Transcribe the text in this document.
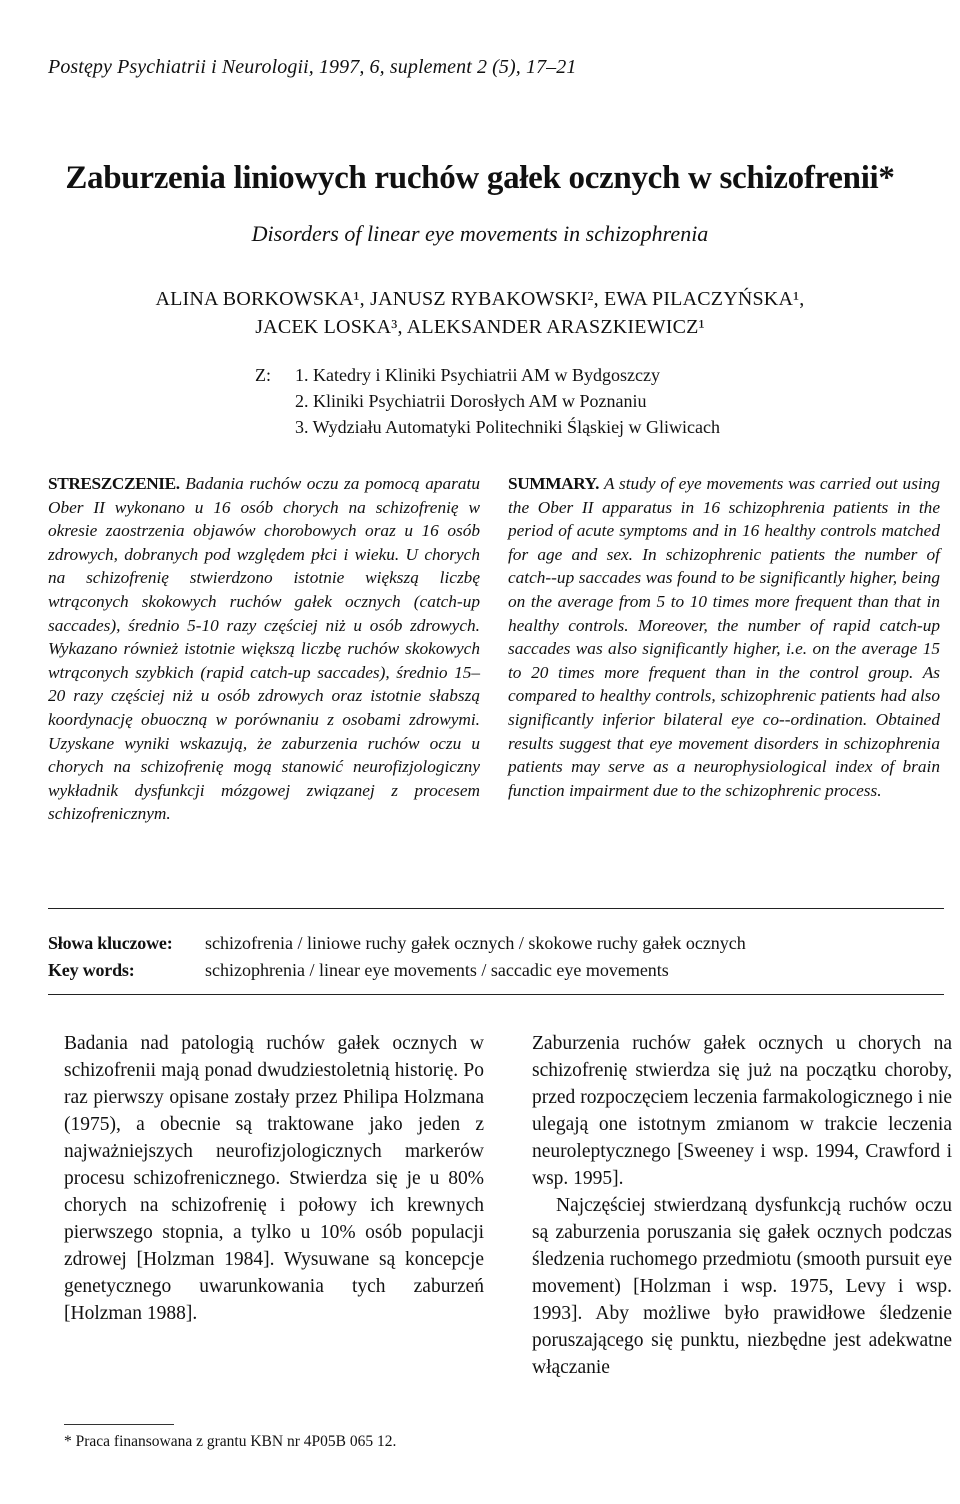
Postępy Psychiatrii i Neurologii, 1997, 6, suplement 2 (5), 17–21
Zaburzenia liniowych ruchów gałek ocznych w schizofrenii*
Disorders of linear eye movements in schizophrenia
ALINA BORKOWSKA¹, JANUSZ RYBAKOWSKI², EWA PILACZYŃSKA¹,
JACEK LOSKA³, ALEKSANDER ARASZKIEWICZ¹
Z:	1. Katedry i Kliniki Psychiatrii AM w Bydgoszczy
2. Kliniki Psychiatrii Dorosłych AM w Poznaniu
3. Wydziału Automatyki Politechniki Śląskiej w Gliwicach
STRESZCZENIE. Badania ruchów oczu za pomocą aparatu Ober II wykonano u 16 osób chorych na schizofrenię w okresie zaostrzenia objawów chorobowych oraz u 16 osób zdrowych, dobranych pod względem płci i wieku. U chorych na schizofrenię stwierdzono istotnie większą liczbę wtrąconych skokowych ruchów gałek ocznych (catch-up saccades), średnio 5-10 razy częściej niż u osób zdrowych. Wykazano również istotnie większą liczbę ruchów skokowych wtrąconych szybkich (rapid catch-up saccades), średnio 15–20 razy częściej niż u osób zdrowych oraz istotnie słabszą koordynację obuoczną w porównaniu z osobami zdrowymi. Uzyskane wyniki wskazują, że zaburzenia ruchów oczu u chorych na schizofrenię mogą stanowić neurofizjologiczny wykładnik dysfunkcji mózgowej związanej z procesem schizofrenicznym.
SUMMARY. A study of eye movements was carried out using the Ober II apparatus in 16 schizophrenia patients in the period of acute symptoms and in 16 healthy controls matched for age and sex. In schizophrenic patients the number of catch--up saccades was found to be significantly higher, being on the average from 5 to 10 times more frequent than that in healthy controls. Moreover, the number of rapid catch-up saccades was also significantly higher, i.e. on the average 15 to 20 times more frequent than in the control group. As compared to healthy controls, schizophrenic patients had also significantly inferior bilateral eye co--ordination. Obtained results suggest that eye movement disorders in schizophrenia patients may serve as a neurophysiological index of brain function impairment due to the schizophrenic process.
Słowa kluczowe:	schizofrenia / liniowe ruchy gałek ocznych / skokowe ruchy gałek ocznych
Key words:	schizophrenia / linear eye movements / saccadic eye movements

Badania nad patologią ruchów gałek ocznych w schizofrenii mają ponad dwudziestoletnią historię. Po raz pierwszy opisane zostały przez Philipa Holzmana (1975), a obecnie są traktowane jako jeden z najważniejszych neurofizjologicznych markerów procesu schizofrenicznego. Stwierdza się je u 80% chorych na schizofrenię i połowy ich krewnych pierwszego stopnia, a tylko u 10% osób populacji zdrowej [Holzman 1984]. Wysuwane są koncepcje genetycznego uwarunkowania tych zaburzeń [Holzman 1988].

Zaburzenia ruchów gałek ocznych u chorych na schizofrenię stwierdza się już na początku choroby, przed rozpoczęciem leczenia farmakologicznego i nie ulegają one istotnym zmianom w trakcie leczenia neuroleptycznego [Sweeney i wsp. 1994, Crawford i wsp. 1995].

Najczęściej stwierdzaną dysfunkcją ruchów oczu są zaburzenia poruszania się gałek ocznych podczas śledzenia ruchomego przedmiotu (smooth pursuit eye movement) [Holzman i wsp. 1975, Levy i wsp. 1993]. Aby możliwe było prawidłowe śledzenie poruszającego się punktu, niezbędne jest adekwatne włączanie

* Praca finansowana z grantu KBN nr 4P05B 065 12.
